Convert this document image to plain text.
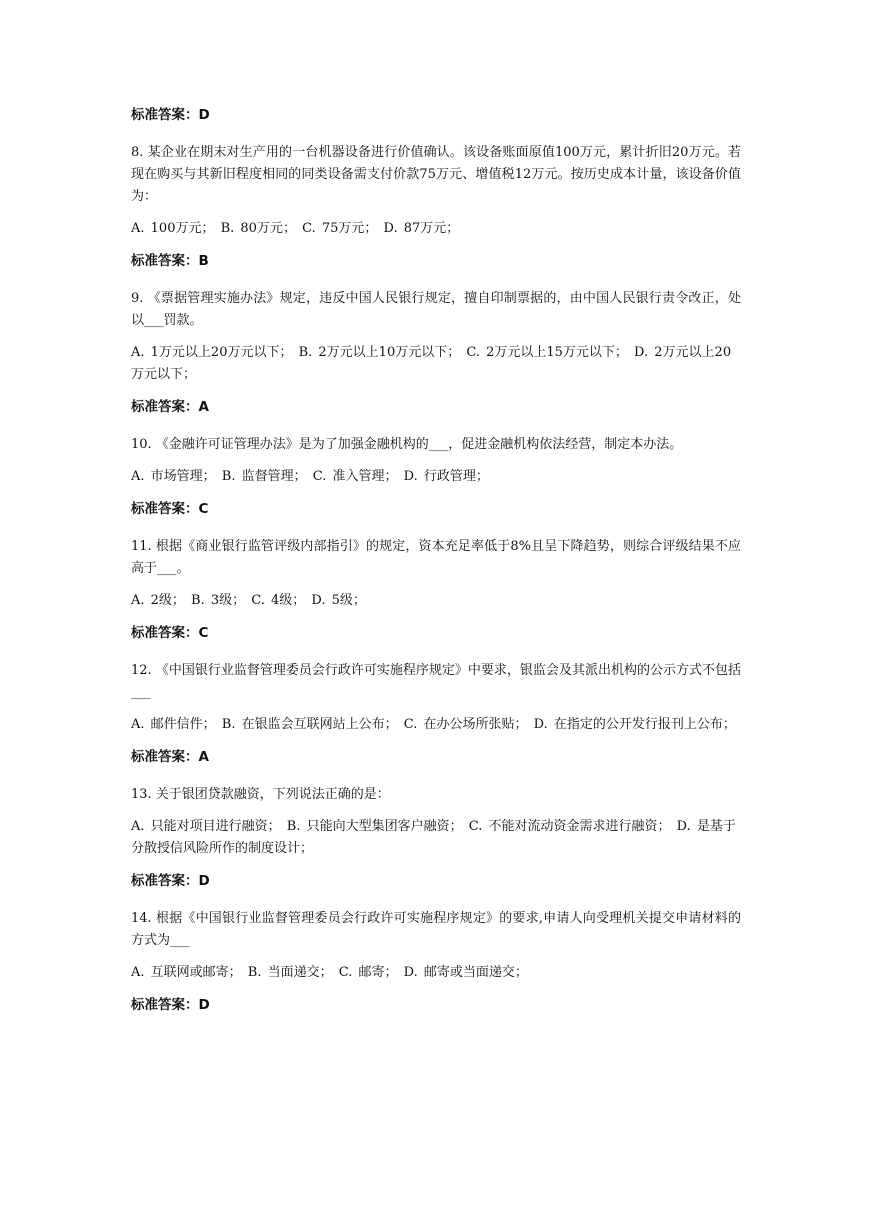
标准答案：D

8. 某企业在期末对生产用的一台机器设备进行价值确认。该设备账面原值100万元，累计折旧20万元。若现在购买与其新旧程度相同的同类设备需支付价款75万元、增值税12万元。按历史成本计量，该设备价值为：

A. 100万元； B. 80万元； C. 75万元； D. 87万元；

标准答案：B

9. 《票据管理实施办法》规定，违反中国人民银行规定，擅自印制票据的，由中国人民银行责令改正，处以___罚款。

A. 1万元以上20万元以下； B. 2万元以上10万元以下； C. 2万元以上15万元以下； D. 2万元以上20万元以下；

标准答案：A

10. 《金融许可证管理办法》是为了加强金融机构的___，促进金融机构依法经营，制定本办法。

A. 市场管理； B. 监督管理； C. 准入管理； D. 行政管理；

标准答案：C

11. 根据《商业银行监管评级内部指引》的规定，资本充足率低于8%且呈下降趋势，则综合评级结果不应高于___。

A. 2级； B. 3级； C. 4级； D. 5级；

标准答案：C

12. 《中国银行业监督管理委员会行政许可实施程序规定》中要求，银监会及其派出机构的公示方式不包括___

A. 邮件信件； B. 在银监会互联网站上公布； C. 在办公场所张贴； D. 在指定的公开发行报刊上公布；

标准答案：A

13. 关于银团贷款融资，下列说法正确的是：

A. 只能对项目进行融资； B. 只能向大型集团客户融资； C. 不能对流动资金需求进行融资； D. 是基于分散授信风险所作的制度设计；

标准答案：D

14. 根据《中国银行业监督管理委员会行政许可实施程序规定》的要求,申请人向受理机关提交申请材料的方式为___

A. 互联网或邮寄； B. 当面递交； C. 邮寄； D. 邮寄或当面递交；

标准答案：D
